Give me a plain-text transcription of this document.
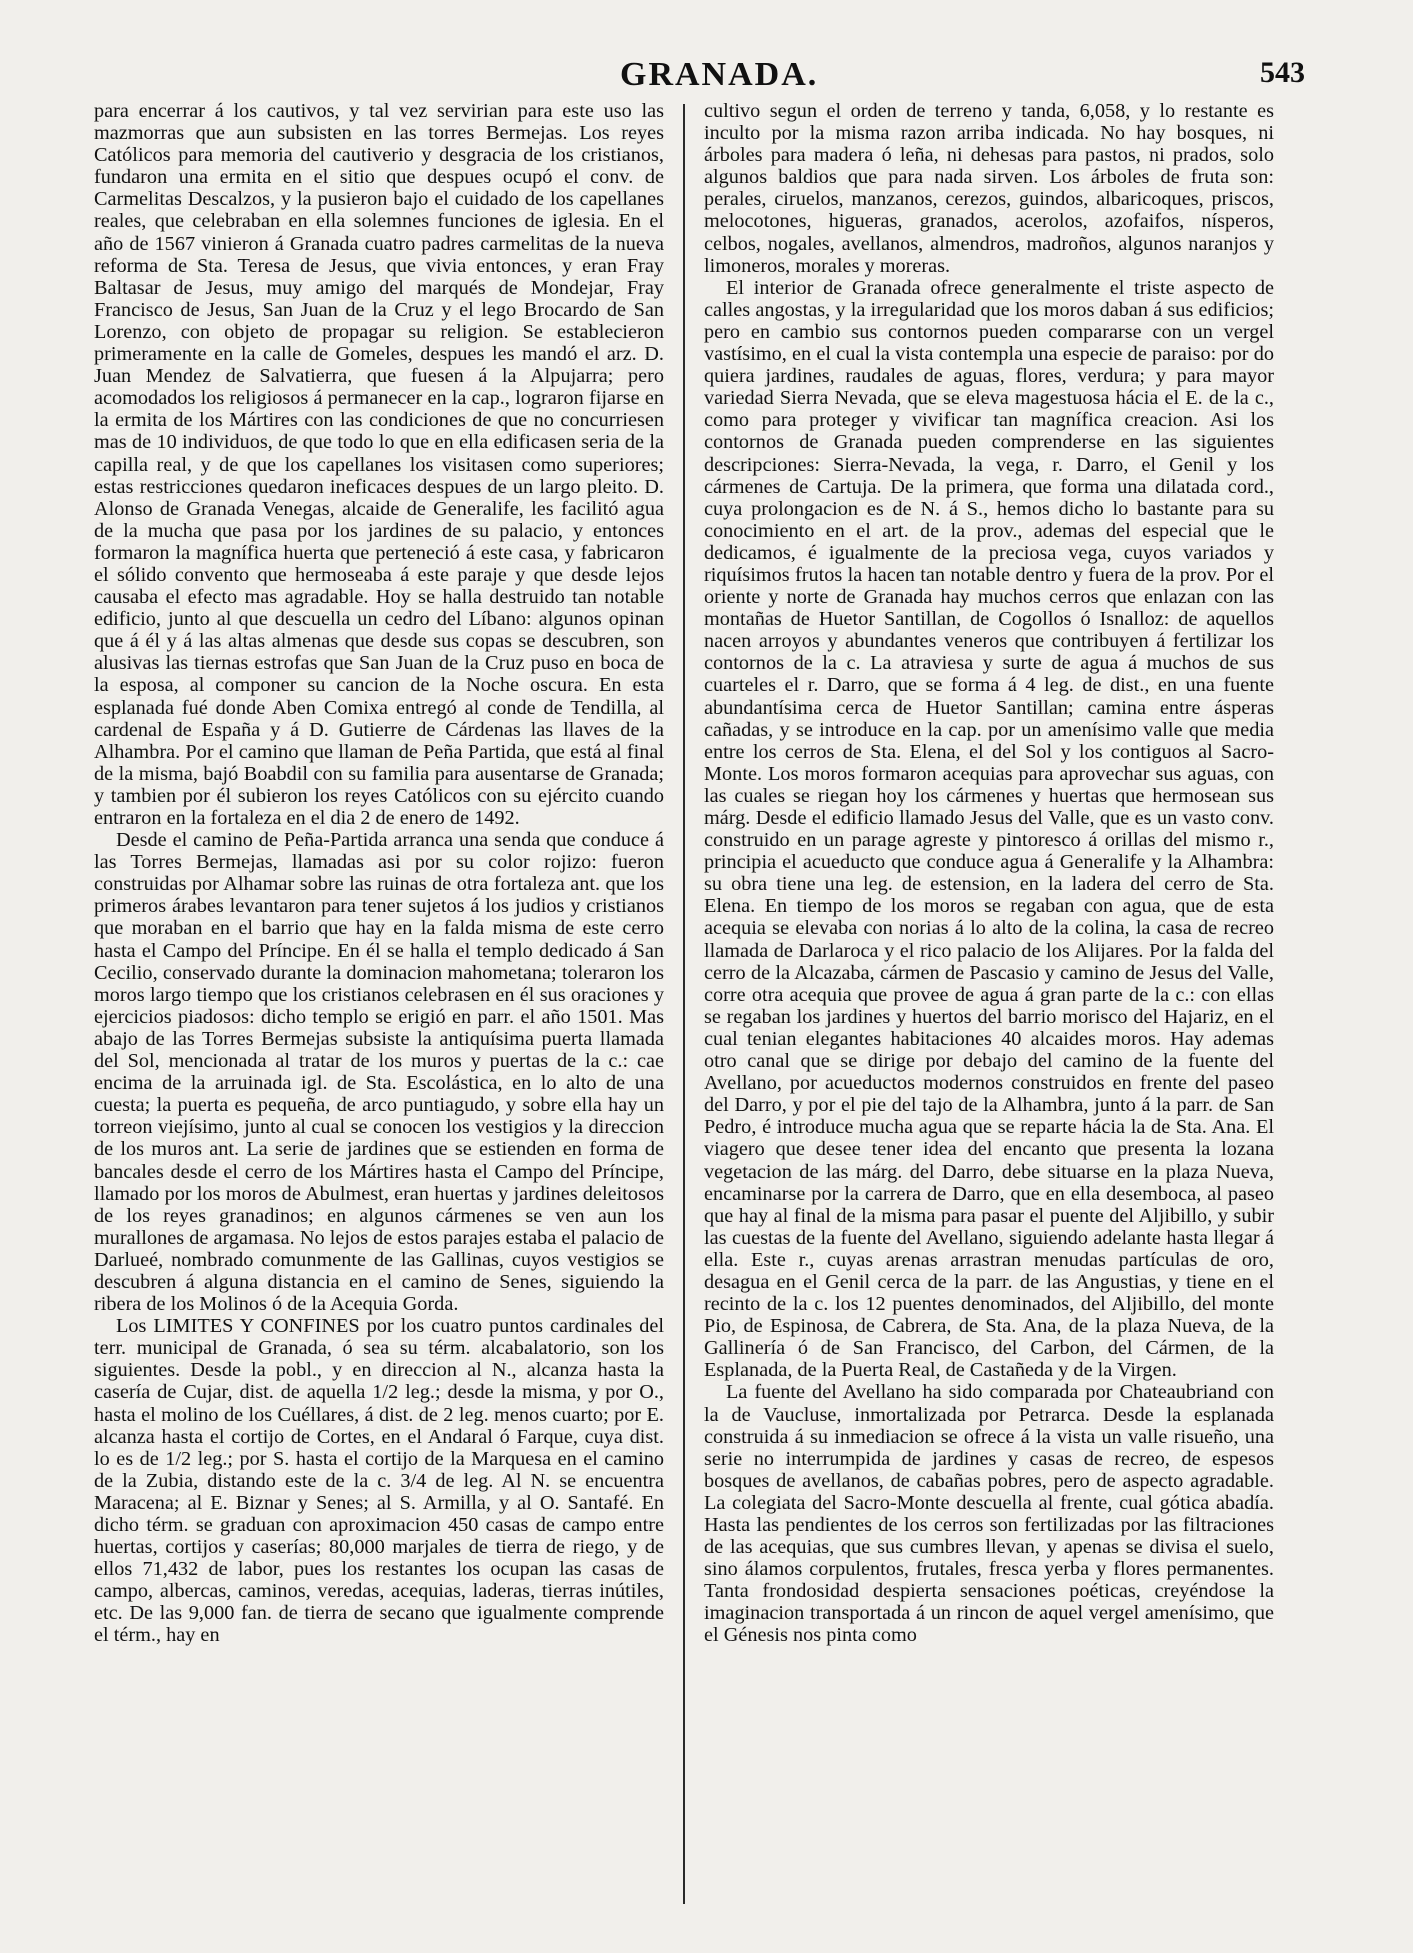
GRANADA.	543

para encerrar á los cautivos, y tal vez servirian para este uso las mazmorras que aun subsisten en las torres Bermejas. Los reyes Católicos para memoria del cautiverio y desgracia de los cristianos, fundaron una ermita en el sitio que despues ocupó el conv. de Carmelitas Descalzos, y la pusieron bajo el cuidado de los capellanes reales, que celebraban en ella solemnes funciones de iglesia. En el año de 1567 vinieron á Granada cuatro padres carmelitas de la nueva reforma de Sta. Teresa de Jesus, que vivia entonces, y eran Fray Baltasar de Jesus, muy amigo del marqués de Mondejar, Fray Francisco de Jesus, San Juan de la Cruz y el lego Brocardo de San Lorenzo, con objeto de propagar su religion. Se establecieron primeramente en la calle de Gomeles, despues les mandó el arz. D. Juan Mendez de Salvatierra, que fuesen á la Alpujarra; pero acomodados los religiosos á permanecer en la cap., lograron fijarse en la ermita de los Mártires con las condiciones de que no concurriesen mas de 10 individuos, de que todo lo que en ella edificasen seria de la capilla real, y de que los capellanes los visitasen como superiores; estas restricciones quedaron ineficaces despues de un largo pleito. D. Alonso de Granada Venegas, alcaide de Generalife, les facilitó agua de la mucha que pasa por los jardines de su palacio, y entonces formaron la magnífica huerta que perteneció á este casa, y fabricaron el sólido convento que hermoseaba á este paraje y que desde lejos causaba el efecto mas agradable. Hoy se halla destruido tan notable edificio, junto al que descuella un cedro del Líbano: algunos opinan que á él y á las altas almenas que desde sus copas se descubren, son alusivas las tiernas estrofas que San Juan de la Cruz puso en boca de la esposa, al componer su cancion de la Noche oscura. En esta esplanada fué donde Aben Comixa entregó al conde de Tendilla, al cardenal de España y á D. Gutierre de Cárdenas las llaves de la Alhambra. Por el camino que llaman de Peña Partida, que está al final de la misma, bajó Boabdil con su familia para ausentarse de Granada; y tambien por él subieron los reyes Católicos con su ejército cuando entraron en la fortaleza en el dia 2 de enero de 1492.

Desde el camino de Peña-Partida arranca una senda que conduce á las Torres Bermejas, llamadas asi por su color rojizo: fueron construidas por Alhamar sobre las ruinas de otra fortaleza ant. que los primeros árabes levantaron para tener sujetos á los judios y cristianos que moraban en el barrio que hay en la falda misma de este cerro hasta el Campo del Príncipe. En él se halla el templo dedicado á San Cecilio, conservado durante la dominacion mahometana; toleraron los moros largo tiempo que los cristianos celebrasen en él sus oraciones y ejercicios piadosos: dicho templo se erigió en parr. el año 1501. Mas abajo de las Torres Bermejas subsiste la antiquísima puerta llamada del Sol, mencionada al tratar de los muros y puertas de la c.: cae encima de la arruinada igl. de Sta. Escolástica, en lo alto de una cuesta; la puerta es pequeña, de arco puntiagudo, y sobre ella hay un torreon viejísimo, junto al cual se conocen los vestigios y la direccion de los muros ant. La serie de jardines que se estienden en forma de bancales desde el cerro de los Mártires hasta el Campo del Príncipe, llamado por los moros de Abulmest, eran huertas y jardines deleitosos de los reyes granadinos; en algunos cármenes se ven aun los murallones de argamasa. No lejos de estos parajes estaba el palacio de Darlueé, nombrado comunmente de las Gallinas, cuyos vestigios se descubren á alguna distancia en el camino de Senes, siguiendo la ribera de los Molinos ó de la Acequia Gorda.

Los LIMITES Y CONFINES por los cuatro puntos cardinales del terr. municipal de Granada, ó sea su térm. alcabalatorio, son los siguientes. Desde la pobl., y en direccion al N., alcanza hasta la casería de Cujar, dist. de aquella 1/2 leg.; desde la misma, y por O., hasta el molino de los Cuéllares, á dist. de 2 leg. menos cuarto; por E. alcanza hasta el cortijo de Cortes, en el Andaral ó Farque, cuya dist. lo es de 1/2 leg.; por S. hasta el cortijo de la Marquesa en el camino de la Zubia, distando este de la c. 3/4 de leg. Al N. se encuentra Maracena; al E. Biznar y Senes; al S. Armilla, y al O. Santafé. En dicho térm. se graduan con aproximacion 450 casas de campo entre huertas, cortijos y caserías; 80,000 marjales de tierra de riego, y de ellos 71,432 de labor, pues los restantes los ocupan las casas de campo, albercas, caminos, veredas, acequias, laderas, tierras inútiles, etc. De las 9,000 fan. de tierra de secano que igualmente comprende el térm., hay en

cultivo segun el orden de terreno y tanda, 6,058, y lo restante es inculto por la misma razon arriba indicada. No hay bosques, ni árboles para madera ó leña, ni dehesas para pastos, ni prados, solo algunos baldios que para nada sirven. Los árboles de fruta son: perales, ciruelos, manzanos, cerezos, guindos, albaricoques, priscos, melocotones, higueras, granados, acerolos, azofaifos, nísperos, celbos, nogales, avellanos, almendros, madroños, algunos naranjos y limoneros, morales y moreras.

El interior de Granada ofrece generalmente el triste aspecto de calles angostas, y la irregularidad que los moros daban á sus edificios; pero en cambio sus contornos pueden compararse con un vergel vastísimo, en el cual la vista contempla una especie de paraiso: por do quiera jardines, raudales de aguas, flores, verdura; y para mayor variedad Sierra Nevada, que se eleva magestuosa hácia el E. de la c., como para proteger y vivificar tan magnífica creacion. Asi los contornos de Granada pueden comprenderse en las siguientes descripciones: Sierra-Nevada, la vega, r. Darro, el Genil y los cármenes de Cartuja. De la primera, que forma una dilatada cord., cuya prolongacion es de N. á S., hemos dicho lo bastante para su conocimiento en el art. de la prov., ademas del especial que le dedicamos, é igualmente de la preciosa vega, cuyos variados y riquísimos frutos la hacen tan notable dentro y fuera de la prov. Por el oriente y norte de Granada hay muchos cerros que enlazan con las montañas de Huetor Santillan, de Cogollos ó Isnalloz: de aquellos nacen arroyos y abundantes veneros que contribuyen á fertilizar los contornos de la c. La atraviesa y surte de agua á muchos de sus cuarteles el r. Darro, que se forma á 4 leg. de dist., en una fuente abundantísima cerca de Huetor Santillan; camina entre ásperas cañadas, y se introduce en la cap. por un amenísimo valle que media entre los cerros de Sta. Elena, el del Sol y los contiguos al Sacro-Monte. Los moros formaron acequias para aprovechar sus aguas, con las cuales se riegan hoy los cármenes y huertas que hermosean sus márg. Desde el edificio llamado Jesus del Valle, que es un vasto conv. construido en un parage agreste y pintoresco á orillas del mismo r., principia el acueducto que conduce agua á Generalife y la Alhambra: su obra tiene una leg. de estension, en la ladera del cerro de Sta. Elena. En tiempo de los moros se regaban con agua, que de esta acequia se elevaba con norias á lo alto de la colina, la casa de recreo llamada de Darlaroca y el rico palacio de los Alijares. Por la falda del cerro de la Alcazaba, cármen de Pascasio y camino de Jesus del Valle, corre otra acequia que provee de agua á gran parte de la c.: con ellas se regaban los jardines y huertos del barrio morisco del Hajariz, en el cual tenian elegantes habitaciones 40 alcaides moros. Hay ademas otro canal que se dirige por debajo del camino de la fuente del Avellano, por acueductos modernos construidos en frente del paseo del Darro, y por el pie del tajo de la Alhambra, junto á la parr. de San Pedro, é introduce mucha agua que se reparte hácia la de Sta. Ana. El viagero que desee tener idea del encanto que presenta la lozana vegetacion de las márg. del Darro, debe situarse en la plaza Nueva, encaminarse por la carrera de Darro, que en ella desemboca, al paseo que hay al final de la misma para pasar el puente del Aljibillo, y subir las cuestas de la fuente del Avellano, siguiendo adelante hasta llegar á ella. Este r., cuyas arenas arrastran menudas partículas de oro, desagua en el Genil cerca de la parr. de las Angustias, y tiene en el recinto de la c. los 12 puentes denominados, del Aljibillo, del monte Pio, de Espinosa, de Cabrera, de Sta. Ana, de la plaza Nueva, de la Gallinería ó de San Francisco, del Carbon, del Cármen, de la Esplanada, de la Puerta Real, de Castañeda y de la Virgen.

La fuente del Avellano ha sido comparada por Chateaubriand con la de Vaucluse, inmortalizada por Petrarca. Desde la esplanada construida á su inmediacion se ofrece á la vista un valle risueño, una serie no interrumpida de jardines y casas de recreo, de espesos bosques de avellanos, de cabañas pobres, pero de aspecto agradable. La colegiata del Sacro-Monte descuella al frente, cual gótica abadía. Hasta las pendientes de los cerros son fertilizadas por las filtraciones de las acequias, que sus cumbres llevan, y apenas se divisa el suelo, sino álamos corpulentos, frutales, fresca yerba y flores permanentes. Tanta frondosidad despierta sensaciones poéticas, creyéndose la imaginacion transportada á un rincon de aquel vergel amenísimo, que el Génesis nos pinta como
